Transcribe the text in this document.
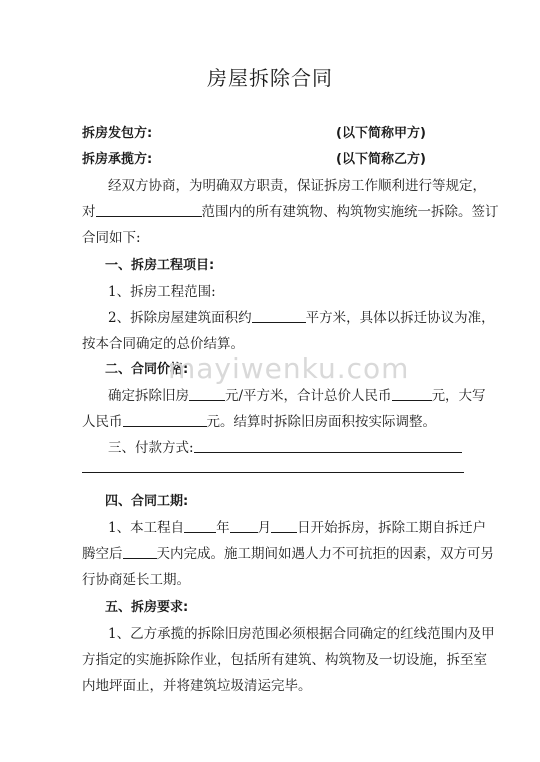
房屋拆除合同
拆房发包方:	(以下简称甲方)
拆房承揽方:	(以下简称乙方)
经双方协商，为明确双方职责，保证拆房工作顺利进行等规定，
对	范围内的所有建筑物、构筑物实施统一拆除。签订
合同如下:
一、拆房工程项目:
1、拆房工程范围:
2、拆除房屋建筑面积约	平方米，具体以拆迁协议为准，
按本合同确定的总价结算。
二、合同价格:
mayiwenku.com
确定拆除旧房	元/平方米，合计总价人民币	元，大写
人民币	元。结算时拆除旧房面积按实际调整。
三、付款方式:
四、合同工期:
1、本工程自 年 月 日开始拆房，拆除工期自拆迁户
腾空后	天内完成。施工期间如遇人力不可抗拒的因素，双方可另
行协商延长工期。
五、拆房要求:
1、乙方承揽的拆除旧房范围必须根据合同确定的红线范围内及甲
方指定的实施拆除作业，包括所有建筑、构筑物及一切设施，拆至室
内地坪面止，并将建筑垃圾清运完毕。
